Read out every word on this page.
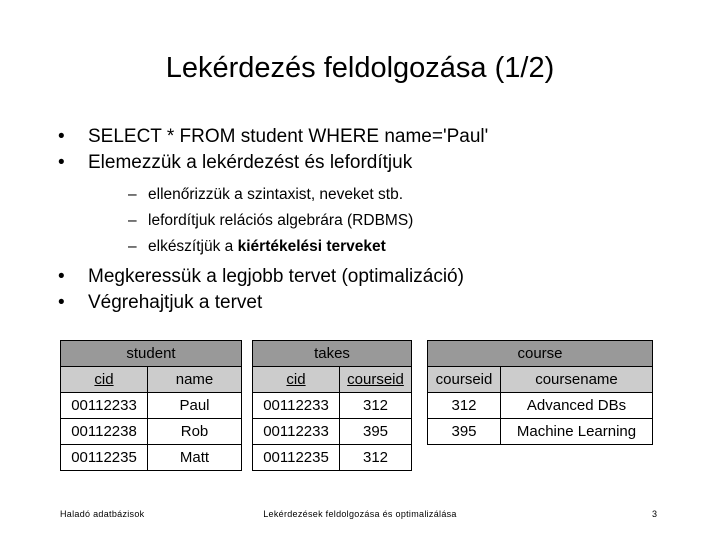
Lekérdezés feldolgozása (1/2)
• SELECT * FROM student WHERE name='Paul'
• Elemezzük a lekérdezést és lefordítjuk
– ellenőrizzük a szintaxist, neveket stb.
– lefordítjuk relációs algebrára (RDBMS)
– elkészítjük a kiértékelési terveket
• Megkeressük a legjobb tervet (optimalizáció)
• Végrehajtjuk a tervet
student	
cid	name
00112233	Paul
00112238	Rob
00112235	Matt
takes	
cid	courseid
00112233	312
00112233	395
00112235	312
course	
courseid	coursename
312	Advanced DBs
395	Machine Learning
Haladó adatbázisok	Lekérdezések feldolgozása és optimalizálása	3
